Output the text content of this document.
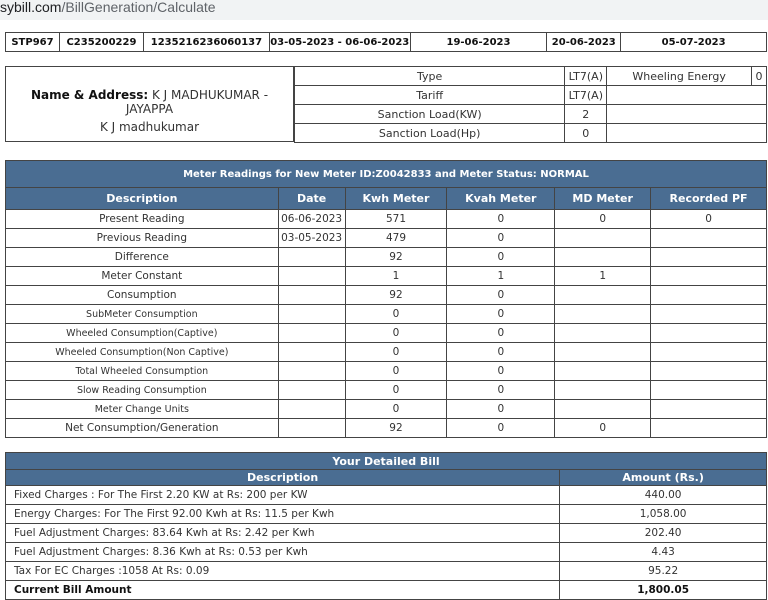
sybill.com/BillGeneration/Calculate
STP967	C235200229	1235216236060137	03-05-2023 - 06-06-2023	19-06-2023	20-06-2023	05-07-2023
Name & Address: K J MADHUKUMAR - JAYAPPA
K J madhukumar
Type	LT7(A)	Wheeling Energy	0
Tariff	LT7(A)		
Sanction Load(KW)	2		
Sanction Load(Hp)	0		
Meter Readings for New Meter ID:Z0042833 and Meter Status: NORMAL					
Description	Date	Kwh Meter	Kvah Meter	MD Meter	Recorded PF
Present Reading	06-06-2023	571	0	0	0
Previous Reading	03-05-2023	479	0		
Difference		92	0		
Meter Constant		1	1	1	
Consumption		92	0		
SubMeter Consumption		0	0		
Wheeled Consumption(Captive)		0	0		
Wheeled Consumption(Non Captive)		0	0		
Total Wheeled Consumption		0	0		
Slow Reading Consumption		0	0		
Meter Change Units		0	0		
Net Consumption/Generation		92	0	0	
Your Detailed Bill	
Description	Amount (Rs.)
Fixed Charges : For The First 2.20 KW at Rs: 200 per KW	440.00
Energy Charges: For The First 92.00 Kwh at Rs: 11.5 per Kwh	1,058.00
Fuel Adjustment Charges: 83.64 Kwh at Rs: 2.42 per Kwh	202.40
Fuel Adjustment Charges: 8.36 Kwh at Rs: 0.53 per Kwh	4.43
Tax For EC Charges :1058 At Rs: 0.09	95.22
Current Bill Amount	1,800.05
